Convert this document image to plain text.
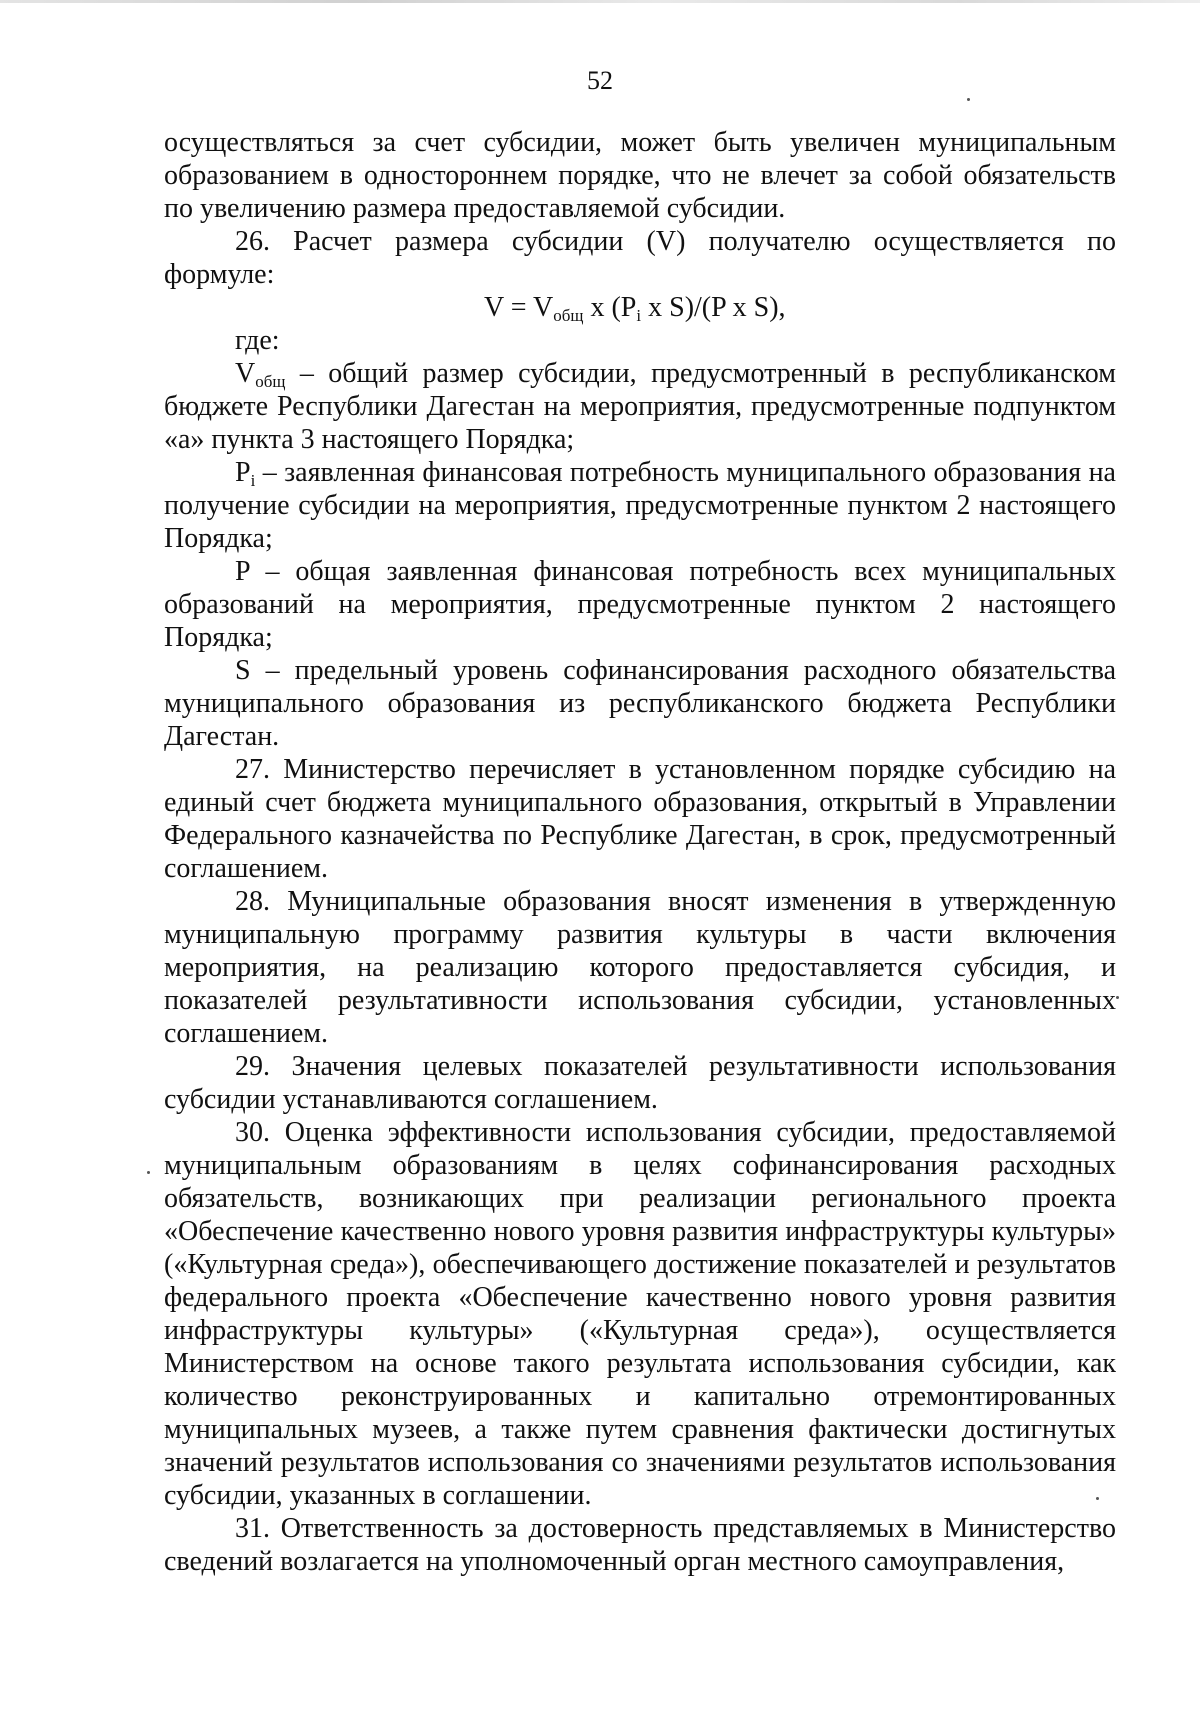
52

осуществляться за счет субсидии, может быть увеличен муниципальным образованием в одностороннем порядке, что не влечет за собой обязательств по увеличению размера предоставляемой субсидии.

26. Расчет размера субсидии (V) получателю осуществляется по формуле:

$V = V_{общ}$ x ($P_i$ x S)/(P x S),

где:

$V_{общ}$ – общий размер субсидии, предусмотренный в республиканском бюджете Республики Дагестан на мероприятия, предусмотренные подпунктом «а» пункта 3 настоящего Порядка;

$P_i$ – заявленная финансовая потребность муниципального образования на получение субсидии на мероприятия, предусмотренные пунктом 2 настоящего Порядка;

P – общая заявленная финансовая потребность всех муниципальных образований на мероприятия, предусмотренные пунктом 2 настоящего Порядка;

S – предельный уровень софинансирования расходного обязательства муниципального образования из республиканского бюджета Республики Дагестан.

27. Министерство перечисляет в установленном порядке субсидию на единый счет бюджета муниципального образования, открытый в Управлении Федерального казначейства по Республике Дагестан, в срок, предусмотренный соглашением.

28. Муниципальные образования вносят изменения в утвержденную муниципальную программу развития культуры в части включения мероприятия, на реализацию которого предоставляется субсидия, и показателей результативности использования субсидии, установленных соглашением.

29. Значения целевых показателей результативности использования субсидии устанавливаются соглашением.

30. Оценка эффективности использования субсидии, предоставляемой муниципальным образованиям в целях софинансирования расходных обязательств, возникающих при реализации регионального проекта «Обеспечение качественно нового уровня развития инфраструктуры культуры» («Культурная среда»), обеспечивающего достижение показателей и результатов федерального проекта «Обеспечение качественно нового уровня развития инфраструктуры культуры» («Культурная среда»), осуществляется Министерством на основе такого результата использования субсидии, как количество реконструированных и капитально отремонтированных муниципальных музеев, а также путем сравнения фактически достигнутых значений результатов использования со значениями результатов использования субсидии, указанных в соглашении.

31. Ответственность за достоверность представляемых в Министерство сведений возлагается на уполномоченный орган местного самоуправления,
